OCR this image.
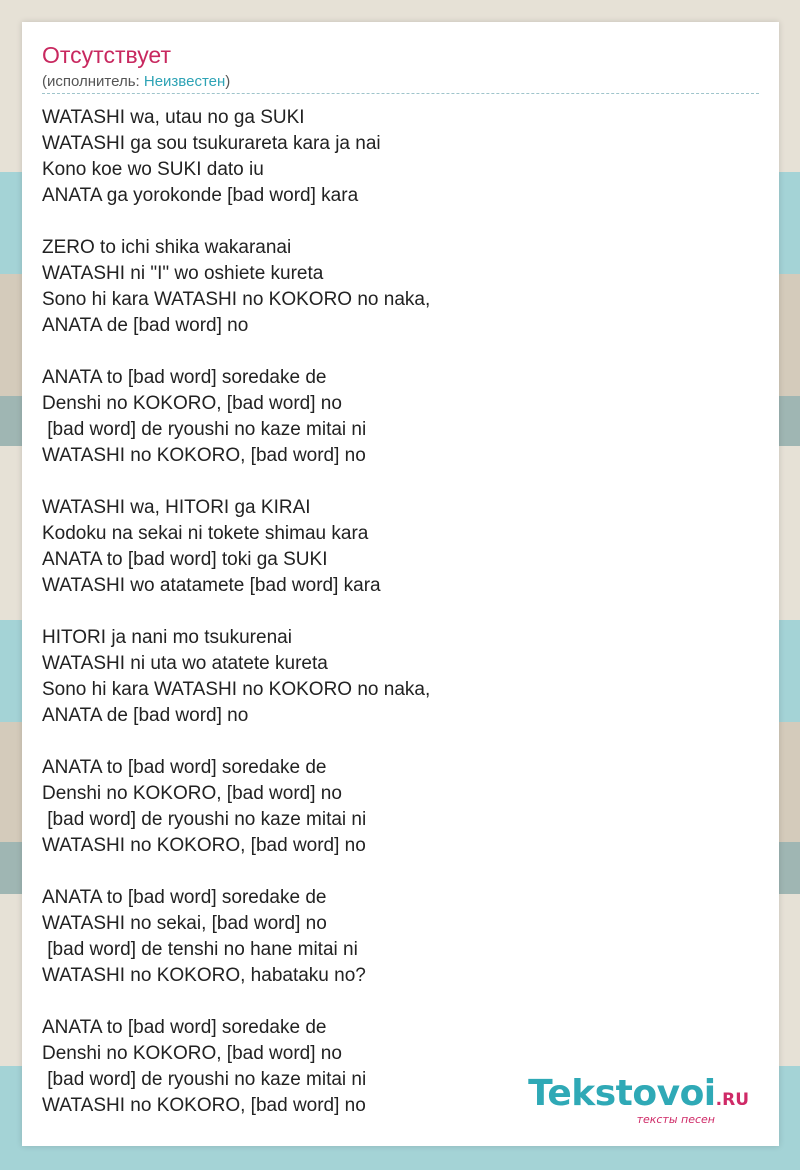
Отсутствует
(исполнитель: Неизвестен)
WATASHI wa, utau no ga SUKI
WATASHI ga sou tsukurareta kara ja nai
Kono koe wo SUKI dato iu
ANATA ga yorokonde [bad word] kara
ZERO to ichi shika wakaranai
WATASHI ni "I" wo oshiete kureta
Sono hi kara WATASHI no KOKORO no naka,
ANATA de [bad word] no
ANATA to [bad word] soredake de
Denshi no KOKORO, [bad word] no
[bad word] de ryoushi no kaze mitai ni
WATASHI no KOKORO, [bad word] no
WATASHI wa, HITORI ga KIRAI
Kodoku na sekai ni tokete shimau kara
ANATA to [bad word] toki ga SUKI
WATASHI wo atatamete [bad word] kara
HITORI ja nani mo tsukurenai
WATASHI ni uta wo atatete kureta
Sono hi kara WATASHI no KOKORO no naka,
ANATA de [bad word] no
ANATA to [bad word] soredake de
Denshi no KOKORO, [bad word] no
[bad word] de ryoushi no kaze mitai ni
WATASHI no KOKORO, [bad word] no
ANATA to [bad word] soredake de
WATASHI no sekai, [bad word] no
[bad word] de tenshi no hane mitai ni
WATASHI no KOKORO, habataku no?
ANATA to [bad word] soredake de
Denshi no KOKORO, [bad word] no
[bad word] de ryoushi no kaze mitai ni
WATASHI no KOKORO, [bad word] no	Tekstovoi.RU
тексты песен
